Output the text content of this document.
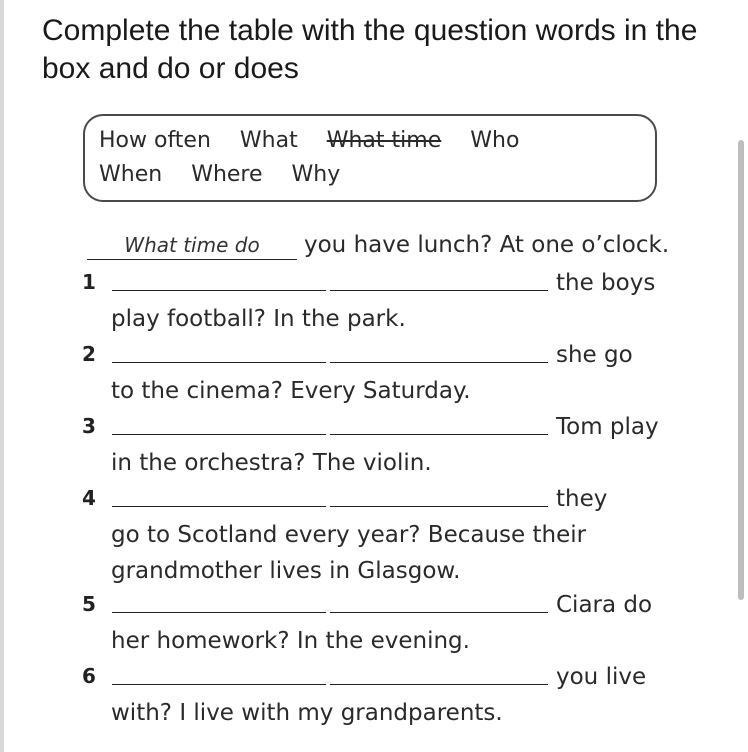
Complete the table with the question words in the box and do or does
How often What What time Who
When Where Why
What time do	you have lunch? At one o’clock.
1	the boys
play football? In the park.
2	she go
to the cinema? Every Saturday.
3	Tom play
in the orchestra? The violin.
4	they
go to Scotland every year? Because their
grandmother lives in Glasgow.
5	Ciara do
her homework? In the evening.
6	you live
with? I live with my grandparents.
